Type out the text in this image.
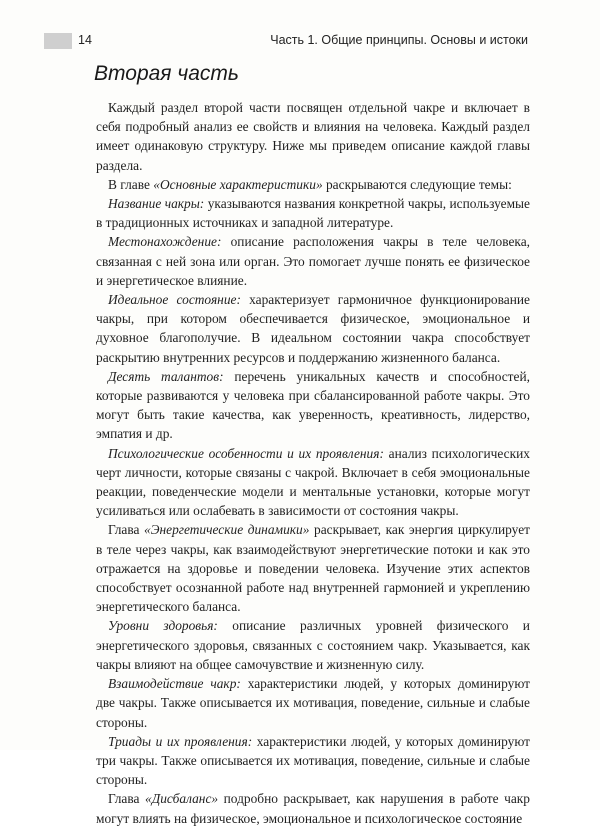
14	Часть 1. Общие принципы. Основы и истоки
Вторая часть

Каждый раздел второй части посвящен отдельной чакре и включает в себя подробный анализ ее свойств и влияния на человека. Каждый раздел имеет одинаковую структуру. Ниже мы приведем описание каждой главы раздела.

В главе «Основные характеристики» раскрываются следующие темы:

Название чакры: указываются названия конкретной чакры, используемые в традиционных источниках и западной литературе.

Местонахождение: описание расположения чакры в теле человека, связанная с ней зона или орган. Это помогает лучше понять ее физическое и энергетическое влияние.

Идеальное состояние: характеризует гармоничное функционирование чакры, при котором обеспечивается физическое, эмоциональное и духовное благополучие. В идеальном состоянии чакра способствует раскрытию внутренних ресурсов и поддержанию жизненного баланса.

Десять талантов: перечень уникальных качеств и способностей, которые развиваются у человека при сбалансированной работе чакры. Это могут быть такие качества, как уверенность, креативность, лидерство, эмпатия и др.

Психологические особенности и их проявления: анализ психологических черт личности, которые связаны с чакрой. Включает в себя эмоциональные реакции, поведенческие модели и ментальные установки, которые могут усиливаться или ослабевать в зависимости от состояния чакры.

Глава «Энергетические динамики» раскрывает, как энергия циркулирует в теле через чакры, как взаимодействуют энергетические потоки и как это отражается на здоровье и поведении человека. Изучение этих аспектов способствует осознанной работе над внутренней гармонией и укреплению энергетического баланса.

Уровни здоровья: описание различных уровней физического и энергетического здоровья, связанных с состоянием чакр. Указывается, как чакры влияют на общее самочувствие и жизненную силу.

Взаимодействие чакр: характеристики людей, у которых доминируют две чакры. Также описывается их мотивация, поведение, сильные и слабые стороны.

Триады и их проявления: характеристики людей, у которых доминируют три чакры. Также описывается их мотивация, поведение, сильные и слабые стороны.

Глава «Дисбаланс» подробно раскрывает, как нарушения в работе чакр могут влиять на физическое, эмоциональное и психологическое состояние
